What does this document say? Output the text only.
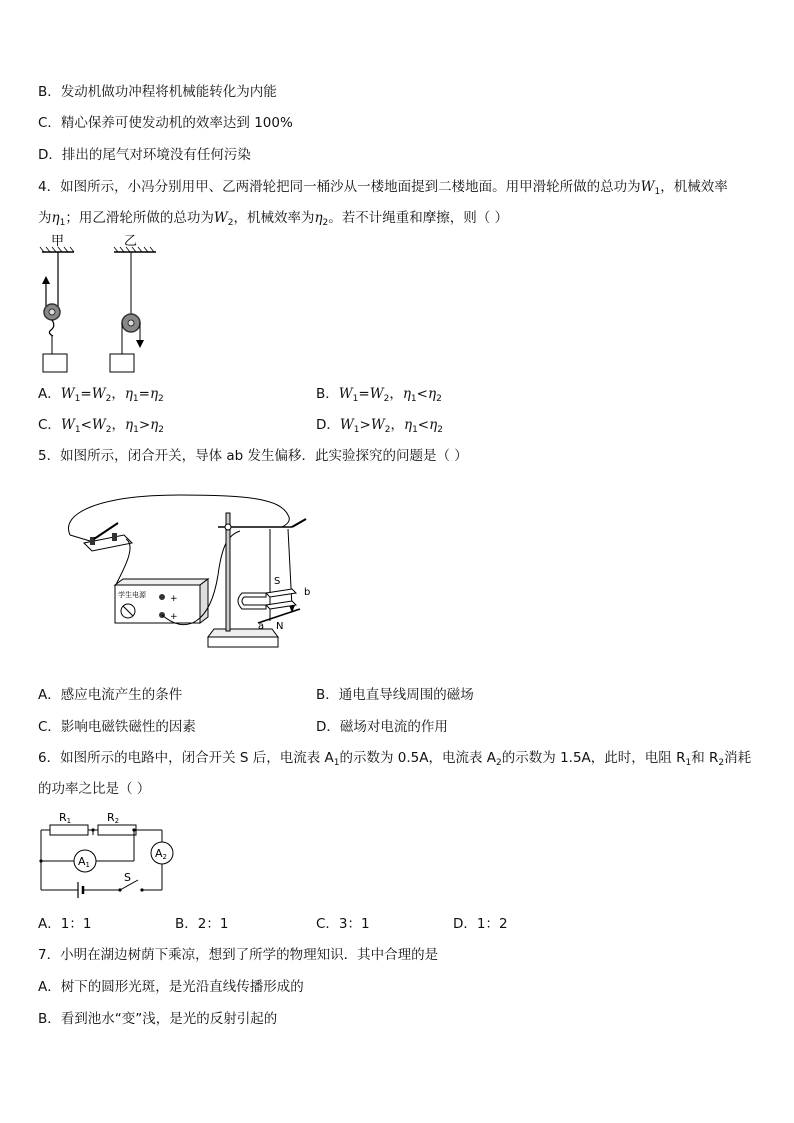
B．发动机做功冲程将机械能转化为内能
C．精心保养可使发动机的效率达到 100%
D．排出的尾气对环境没有任何污染
4．如图所示，小冯分别用甲、乙两滑轮把同一桶沙从一楼地面提到二楼地面。用甲滑轮所做的总功为$W_1$，机械效率
为$\eta_1$；用乙滑轮所做的总功为$W_2$，机械效率为$\eta_2$。若不计绳重和摩擦，则（ ）
甲	乙
A．$W_1=W_2$，$\eta_1=\eta_2$	B．$W_1=W_2$，$\eta_1<\eta_2$
C．$W_1<W_2$，$\eta_1>\eta_2$	D．$W_1>W_2$，$\eta_1<\eta_2$
5．如图所示，闭合开关，导体 ab 发生偏移．此实验探究的问题是（ ）
学生电源	+
+
S
N
a
b
A．感应电流产生的条件	B．通电直导线周围的磁场
C．影响电磁铁磁性的因素	D．磁场对电流的作用
6．如图所示的电路中，闭合开关 S 后，电流表 $A_1$的示数为 0.5A，电流表 $A_2$的示数为 1.5A，此时，电阻 $R_1$和 $R_2$消耗
的功率之比是（ ）
R1	R2
A1
A2
S
A．1：1	B．2：1	C．3：1	D．1：2
7．小明在湖边树荫下乘凉，想到了所学的物理知识．其中合理的是
A．树下的圆形光斑，是光沿直线传播形成的
B．看到池水“变”浅，是光的反射引起的
